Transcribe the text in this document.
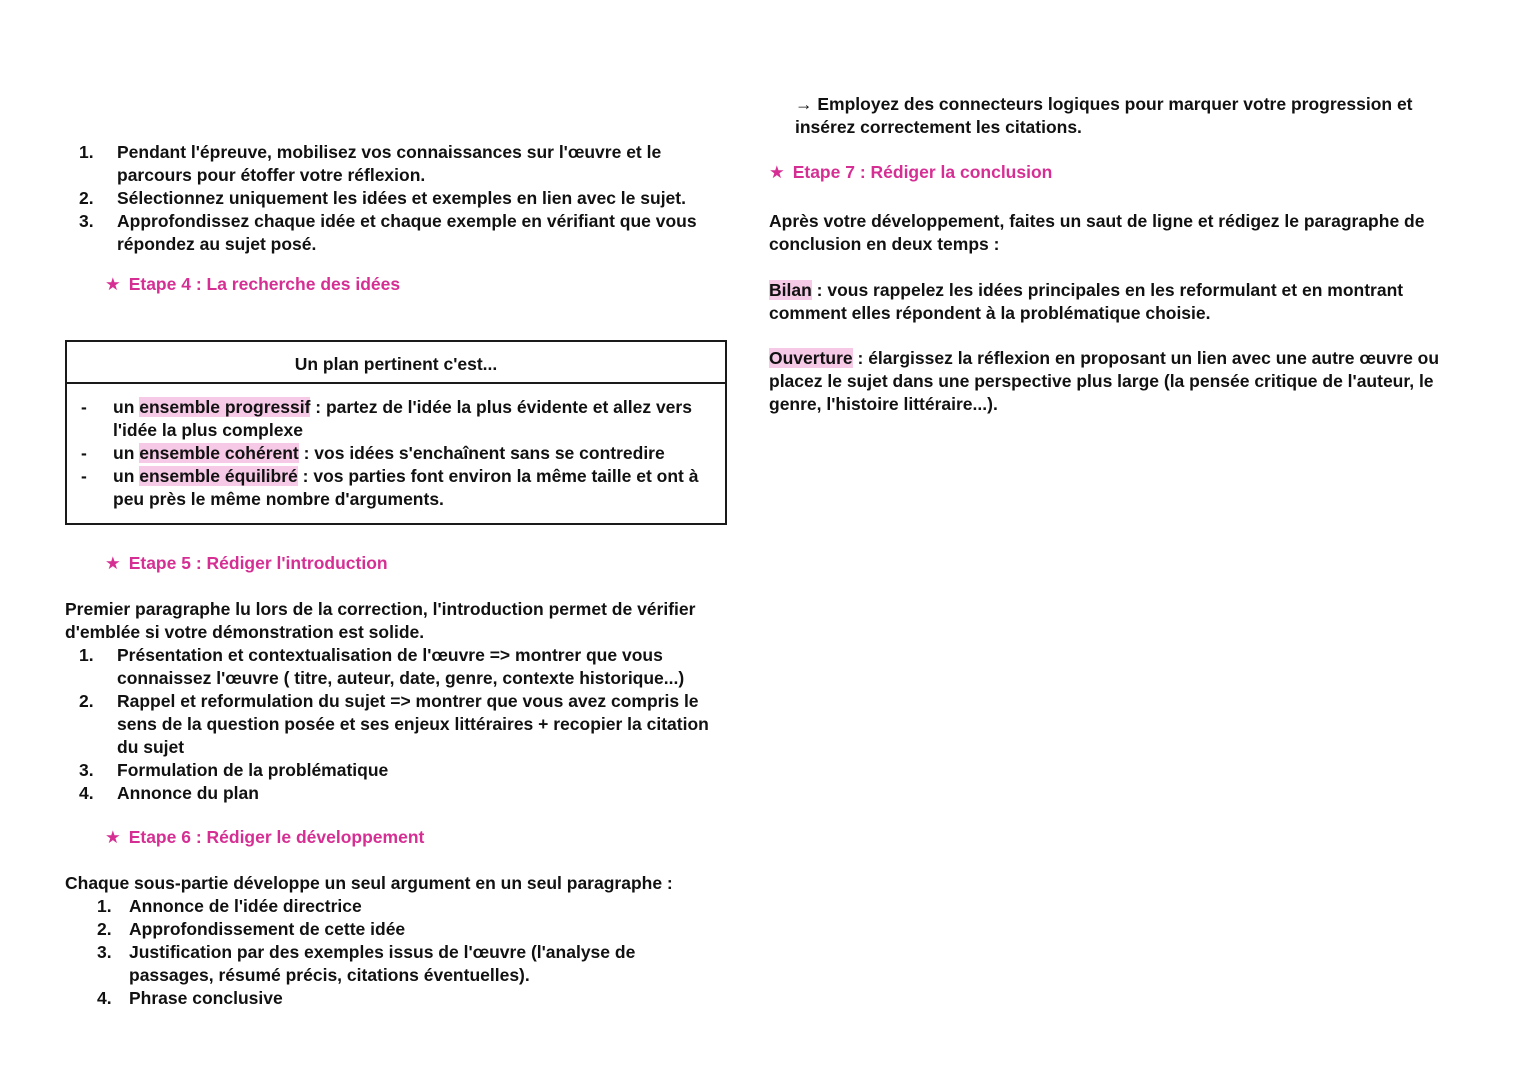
1. Pendant l'épreuve, mobilisez vos connaissances sur l'œuvre et le parcours pour étoffer votre réflexion.
2. Sélectionnez uniquement les idées et exemples en lien avec le sujet.
3. Approfondissez chaque idée et chaque exemple en vérifiant que vous répondez au sujet posé.
★ Etape 4 : La recherche des idées
Un plan pertinent c'est...
- un ensemble progressif : partez de l'idée la plus évidente et allez vers l'idée la plus complexe
- un ensemble cohérent : vos idées s'enchaînent sans se contredire
- un ensemble équilibré : vos parties font environ la même taille et ont à peu près le même nombre d'arguments.
★ Etape 5 : Rédiger l'introduction
Premier paragraphe lu lors de la correction, l'introduction permet de vérifier d'emblée si votre démonstration est solide.
1. Présentation et contextualisation de l'œuvre => montrer que vous connaissez l'œuvre ( titre, auteur, date, genre, contexte historique...)
2. Rappel et reformulation du sujet => montrer que vous avez compris le sens de la question posée et ses enjeux littéraires + recopier la citation du sujet
3. Formulation de la problématique
4. Annonce du plan
★ Etape 6 : Rédiger le développement
Chaque sous-partie développe un seul argument en un seul paragraphe :
1. Annonce de l'idée directrice
2. Approfondissement de cette idée
3. Justification par des exemples issus de l'œuvre (l'analyse de passages, résumé précis, citations éventuelles).
4. Phrase conclusive
→ Employez des connecteurs logiques pour marquer votre progression et insérez correctement les citations.
★ Etape 7 : Rédiger la conclusion
Après votre développement, faites un saut de ligne et rédigez le paragraphe de conclusion en deux temps :
Bilan : vous rappelez les idées principales en les reformulant et en montrant comment elles répondent à la problématique choisie.
Ouverture : élargissez la réflexion en proposant un lien avec une autre œuvre ou placez le sujet dans une perspective plus large (la pensée critique de l'auteur, le genre, l'histoire littéraire...).
